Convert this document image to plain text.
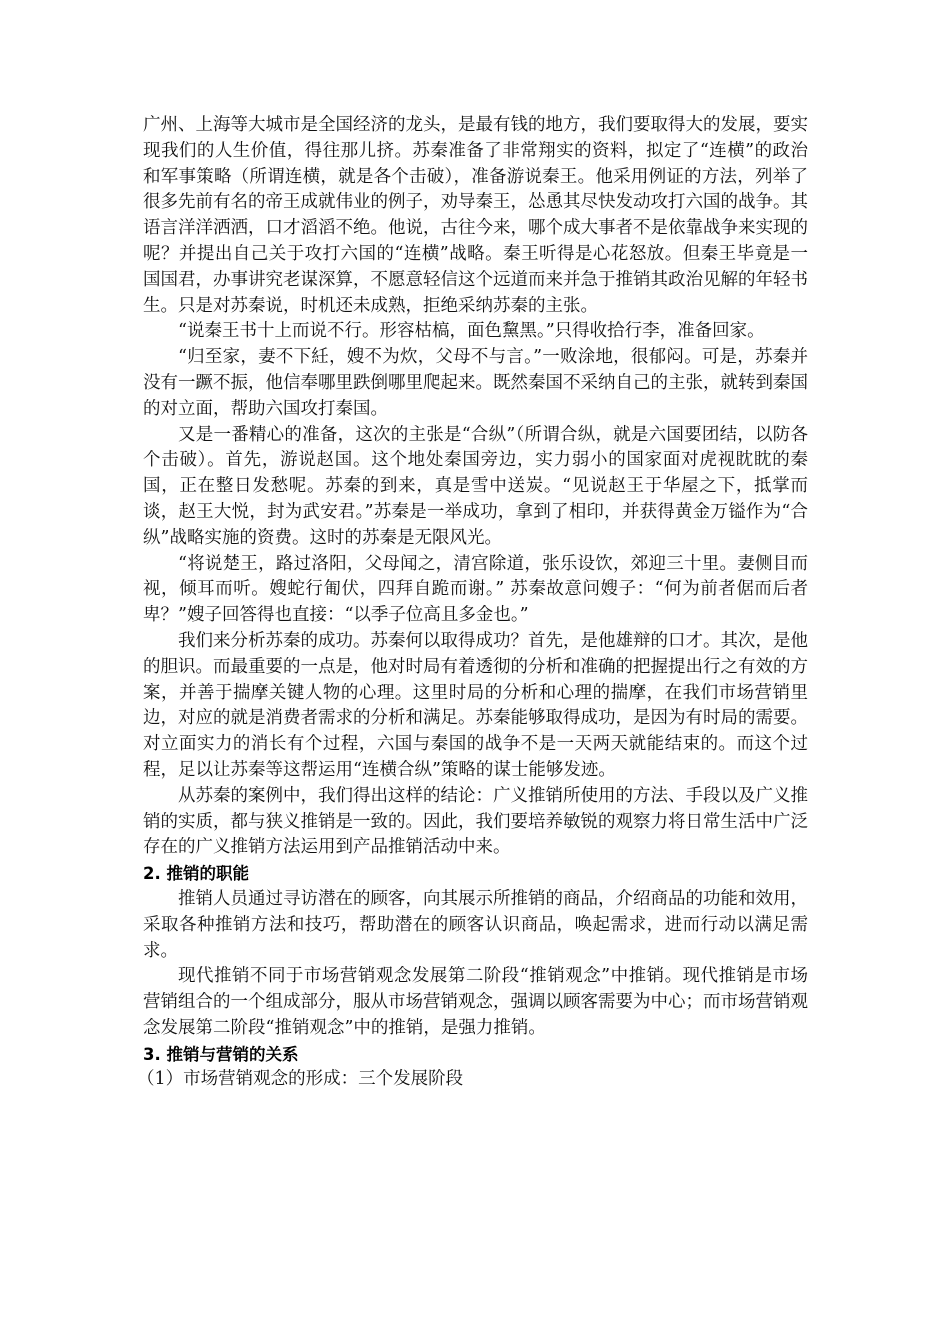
广州、上海等大城市是全国经济的龙头，是最有钱的地方，我们要取得大的发展，要实现我们的人生价值，得往那儿挤。苏秦准备了非常翔实的资料，拟定了“连横”的政治和军事策略（所谓连横，就是各个击破），准备游说秦王。他采用例证的方法，列举了很多先前有名的帝王成就伟业的例子，劝导秦王，怂恿其尽快发动攻打六国的战争。其语言洋洋洒洒，口才滔滔不绝。他说，古往今来，哪个成大事者不是依靠战争来实现的呢？并提出自己关于攻打六国的“连横”战略。秦王听得是心花怒放。但秦王毕竟是一国国君，办事讲究老谋深算，不愿意轻信这个远道而来并急于推销其政治见解的年轻书生。只是对苏秦说，时机还未成熟，拒绝采纳苏秦的主张。

“说秦王书十上而说不行。形容枯槁，面色黧黑。”只得收拾行李，准备回家。

“归至家，妻不下紝，嫂不为炊，父母不与言。”一败涂地，很郁闷。可是，苏秦并没有一蹶不振，他信奉哪里跌倒哪里爬起来。既然秦国不采纳自己的主张，就转到秦国的对立面，帮助六国攻打秦国。

又是一番精心的准备，这次的主张是“合纵”（所谓合纵，就是六国要团结，以防各个击破）。首先，游说赵国。这个地处秦国旁边，实力弱小的国家面对虎视眈眈的秦国，正在整日发愁呢。苏秦的到来，真是雪中送炭。“见说赵王于华屋之下，抵掌而谈，赵王大悦，封为武安君。”苏秦是一举成功，拿到了相印，并获得黄金万镒作为“合纵”战略实施的资费。这时的苏秦是无限风光。

“将说楚王，路过洛阳，父母闻之，清宫除道，张乐设饮，郊迎三十里。妻侧目而视，倾耳而听。嫂蛇行匍伏，四拜自跪而谢。” 苏秦故意问嫂子：“何为前者倨而后者卑？”嫂子回答得也直接：“以季子位高且多金也。”

我们来分析苏秦的成功。苏秦何以取得成功？首先，是他雄辩的口才。其次，是他的胆识。而最重要的一点是，他对时局有着透彻的分析和准确的把握提出行之有效的方案，并善于揣摩关键人物的心理。这里时局的分析和心理的揣摩，在我们市场营销里边，对应的就是消费者需求的分析和满足。苏秦能够取得成功，是因为有时局的需要。对立面实力的消长有个过程，六国与秦国的战争不是一天两天就能结束的。而这个过程，足以让苏秦等这帮运用“连横合纵”策略的谋士能够发迹。

从苏秦的案例中，我们得出这样的结论：广义推销所使用的方法、手段以及广义推销的实质，都与狭义推销是一致的。因此，我们要培养敏锐的观察力将日常生活中广泛存在的广义推销方法运用到产品推销活动中来。

2. 推销的职能

推销人员通过寻访潜在的顾客，向其展示所推销的商品，介绍商品的功能和效用，采取各种推销方法和技巧，帮助潜在的顾客认识商品，唤起需求，进而行动以满足需求。

现代推销不同于市场营销观念发展第二阶段“推销观念”中推销。现代推销是市场营销组合的一个组成部分，服从市场营销观念，强调以顾客需要为中心；而市场营销观念发展第二阶段“推销观念”中的推销，是强力推销。

3. 推销与营销的关系

（1）市场营销观念的形成：三个发展阶段
